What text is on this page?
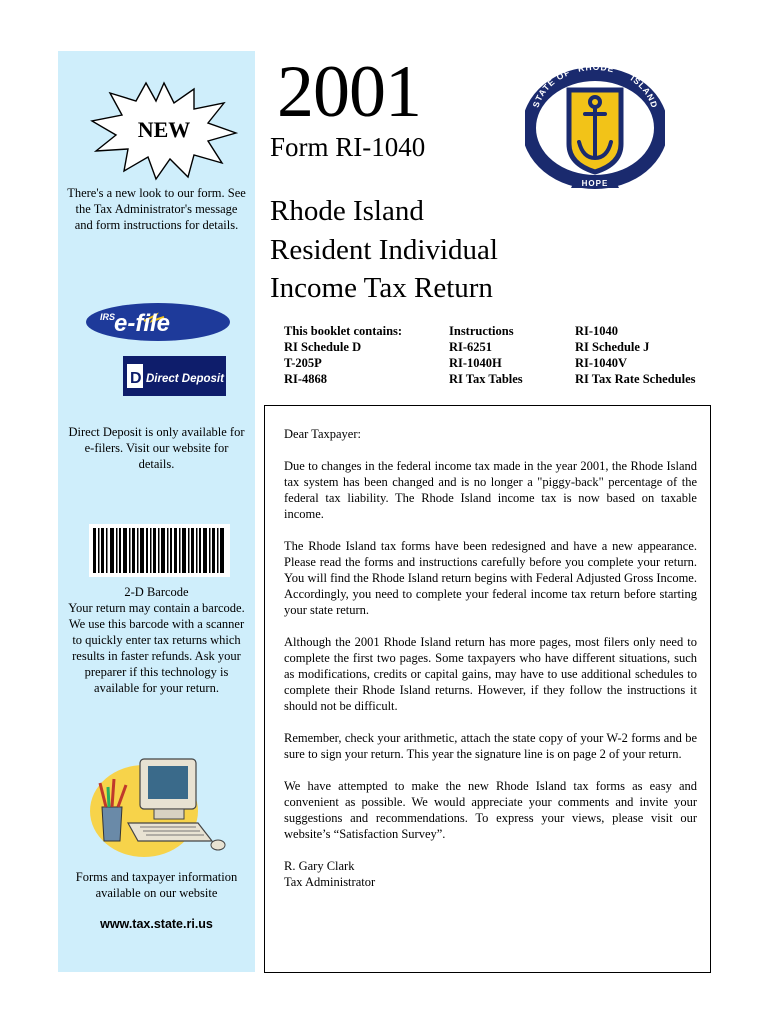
NEW
There's a new look to our form. See the Tax Administrator's message and form instructions for details.
IRS
e-file
D Direct Deposit
Direct Deposit is only available for e-filers. Visit our website for details.
2-D Barcode
Your return may contain a barcode. We use this barcode with a scanner to quickly enter tax returns which results in faster refunds. Ask your preparer if this technology is available for your return.
Forms and taxpayer information available on our website
www.tax.state.ri.us
2001
Form RI-1040
Rhode Island
Resident Individual
Income Tax Return
STATE OF RHODE
ISLAND
HOPE
This booklet contains:
RI Schedule D
T-205P
RI-4868
Instructions
RI-6251
RI-1040H
RI Tax Tables
RI-1040
RI Schedule J
RI-1040V
RI Tax Rate Schedules

Dear Taxpayer:

Due to changes in the federal income tax made in the year 2001, the Rhode Island tax system has been changed and is no longer a "piggy-back" percentage of the federal tax liability. The Rhode Island income tax is now based on taxable income.

The Rhode Island tax forms have been redesigned and have a new appearance. Please read the forms and instructions carefully before you complete your return. You will find the Rhode Island return begins with Federal Adjusted Gross Income. Accordingly, you need to complete your federal income tax return before starting your state return.

Although the 2001 Rhode Island return has more pages, most filers only need to complete the first two pages. Some taxpayers who have different situations, such as modifications, credits or capital gains, may have to use additional schedules to complete their Rhode Island returns. However, if they follow the instructions it should not be difficult.

Remember, check your arithmetic, attach the state copy of your W-2 forms and be sure to sign your return. This year the signature line is on page 2 of your return.

We have attempted to make the new Rhode Island tax forms as easy and convenient as possible. We would appreciate your comments and invite your suggestions and recommendations. To express your views, please visit our website’s “Satisfaction Survey”.

R. Gary Clark

Tax Administrator
